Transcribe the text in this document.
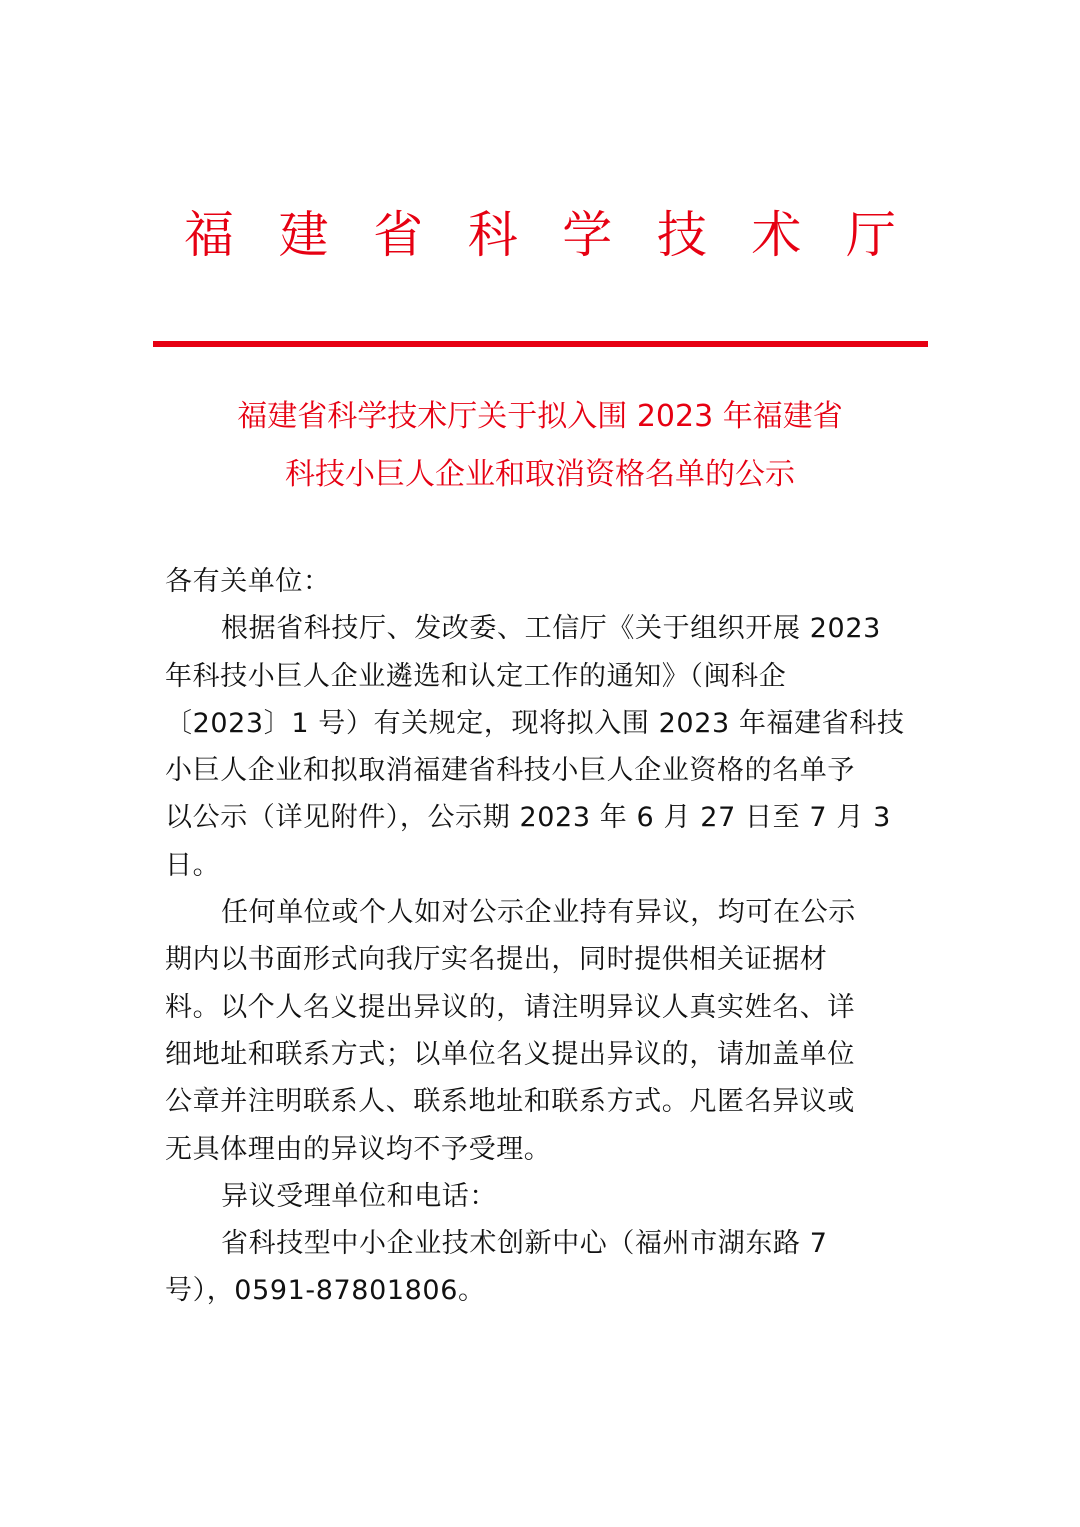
福 建 省 科 学 技 术 厅
福建省科学技术厅关于拟入围 2023 年福建省
科技小巨人企业和取消资格名单的公示
各有关单位：
根据省科技厅、发改委、工信厅《关于组织开展 2023
年科技小巨人企业遴选和认定工作的通知》（闽科企
〔2023〕1 号）有关规定，现将拟入围 2023 年福建省科技
小巨人企业和拟取消福建省科技小巨人企业资格的名单予
以公示（详见附件），公示期 2023 年 6 月 27 日至 7 月 3
日。
任何单位或个人如对公示企业持有异议，均可在公示
期内以书面形式向我厅实名提出，同时提供相关证据材
料。以个人名义提出异议的，请注明异议人真实姓名、详
细地址和联系方式；以单位名义提出异议的，请加盖单位
公章并注明联系人、联系地址和联系方式。凡匿名异议或
无具体理由的异议均不予受理。
异议受理单位和电话：
省科技型中小企业技术创新中心（福州市湖东路 7
号），0591-87801806。
